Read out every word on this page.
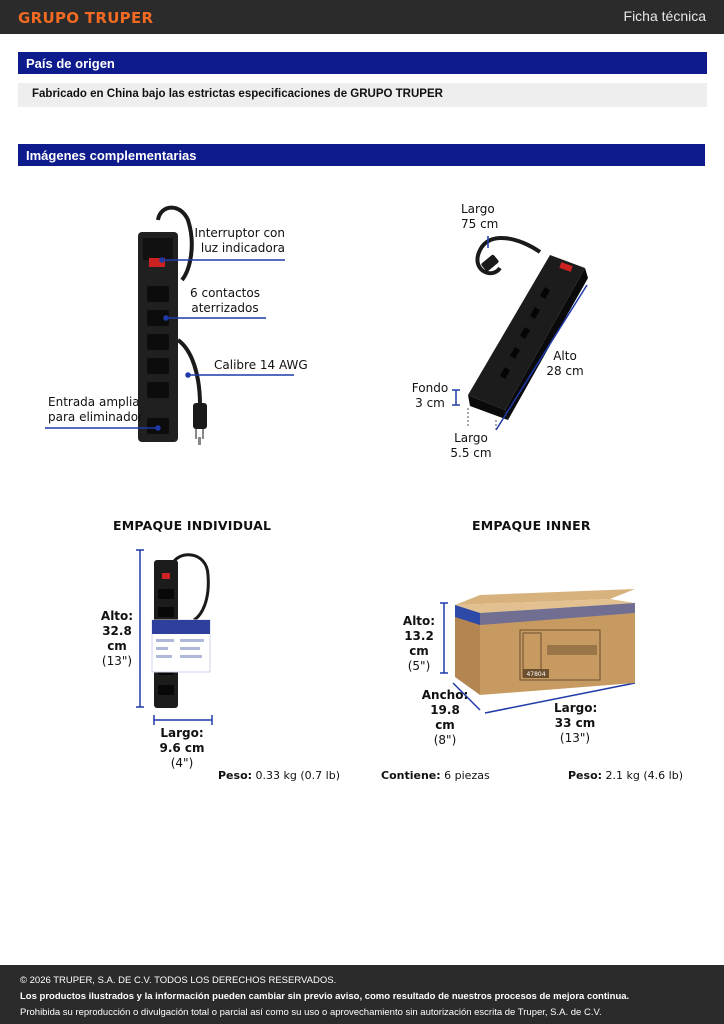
GRUPO TRUPER	Ficha técnica
País de origen
Fabricado en China bajo las estrictas especificaciones de GRUPO TRUPER
Imágenes complementarias
Interruptor con
luz indicadora
6 contactos
aterrizados
Calibre 14 AWG
Entrada amplia
para eliminador
Largo
75 cm
Alto
28 cm
Fondo
3 cm
Largo
5.5 cm
EMPAQUE INDIVIDUAL
Alto:
32.8 cm
(13")
Largo:
9.6 cm
(4")
Peso: 0.33 kg (0.7 lb)
EMPAQUE INNER
47804
Alto:
13.2 cm
(5")
Ancho:
19.8 cm
(8")
Largo:
33 cm
(13")
Contiene: 6 piezas	Peso: 2.1 kg (4.6 lb)
© 2026 TRUPER, S.A. DE C.V. TODOS LOS DERECHOS RESERVADOS.
Los productos ilustrados y la información pueden cambiar sin previo aviso, como resultado de nuestros procesos de mejora continua.
Prohibida su reproducción o divulgación total o parcial así como su uso o aprovechamiento sin autorización escrita de Truper, S.A. de C.V.
